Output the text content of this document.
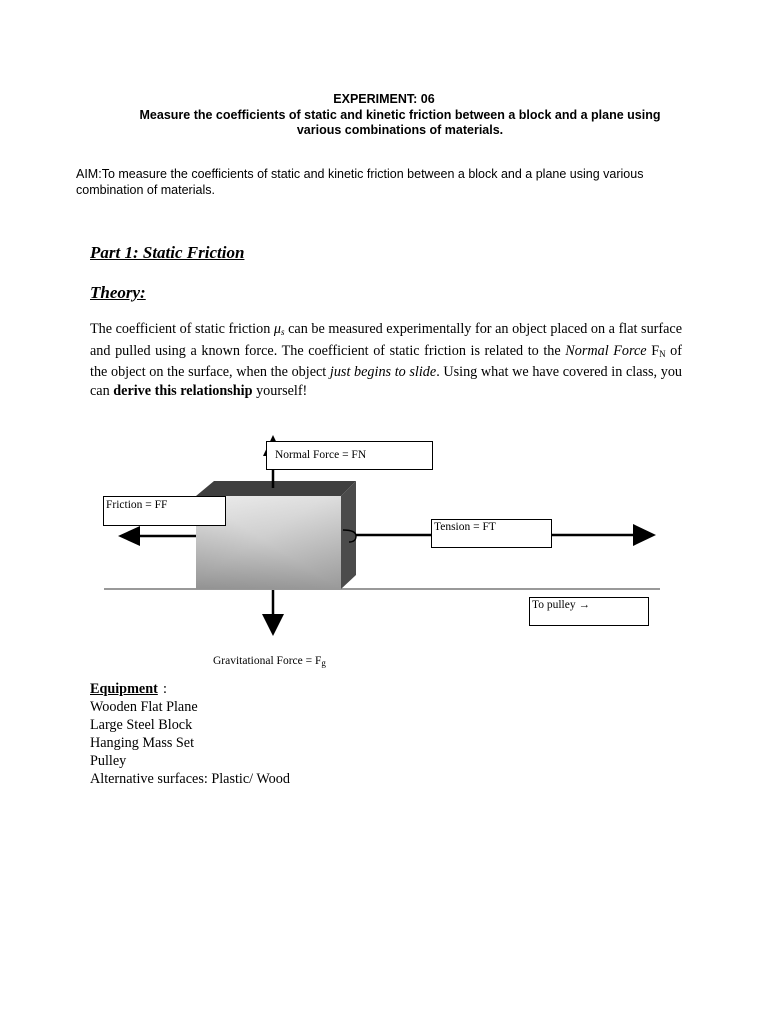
EXPERIMENT: 06
Measure the coefficients of static and kinetic friction between a block and a plane using various combinations of materials.
AIM:To measure the coefficients of static and kinetic friction between a block and a plane using various combination of materials.
Part 1: Static Friction
Theory:
The coefficient of static friction $\mu_s$ can be measured experimentally for an object placed on a flat surface and pulled using a known force. The coefficient of static friction is related to the Normal Force $F_N$ of the object on the surface, when the object just begins to slide. Using what we have covered in class, you can derive this relationship yourself!
Normal Force = FN
Friction = FF
Tension = FT
To pulley →
Gravitational Force = $F_g$
Equipment :
Wooden Flat Plane
Large Steel Block
Hanging Mass Set
Pulley
Alternative surfaces: Plastic/ Wood
